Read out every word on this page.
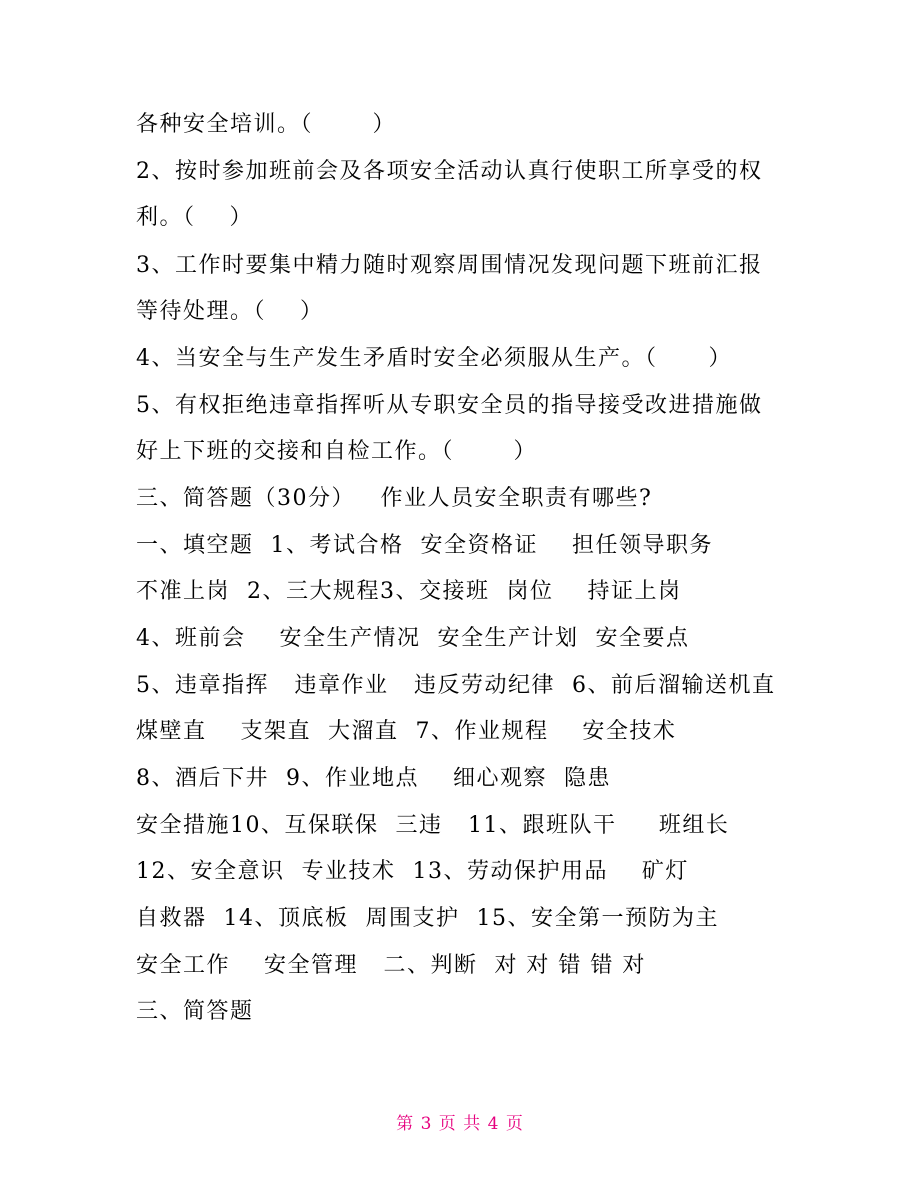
各种安全培训。（       ）
2、按时参加班前会及各项安全活动认真行使职工所享受的权
利。（    ）
3、工作时要集中精力随时观察周围情况发现问题下班前汇报
等待处理。（    ）
4、当安全与生产发生矛盾时安全必须服从生产。（      ）
5、有权拒绝违章指挥听从专职安全员的指导接受改进措施做
好上下班的交接和自检工作。（       ）
三、简答题（30分）   作业人员安全职责有哪些?
一、填空题  1、考试合格  安全资格证    担任领导职务
不准上岗  2、三大规程3、交接班  岗位    持证上岗
4、班前会    安全生产情况  安全生产计划  安全要点
5、违章指挥   违章作业   违反劳动纪律  6、前后溜输送机直
煤壁直    支架直  大溜直  7、作业规程    安全技术
8、酒后下井  9、作业地点    细心观察  隐患
安全措施10、互保联保  三违   11、跟班队干     班组长
12、安全意识  专业技术  13、劳动保护用品    矿灯
自救器  14、顶底板  周围支护  15、安全第一预防为主
安全工作    安全管理   二、判断  对 对 错 错 对
三、简答题
第 3 页 共 4 页
